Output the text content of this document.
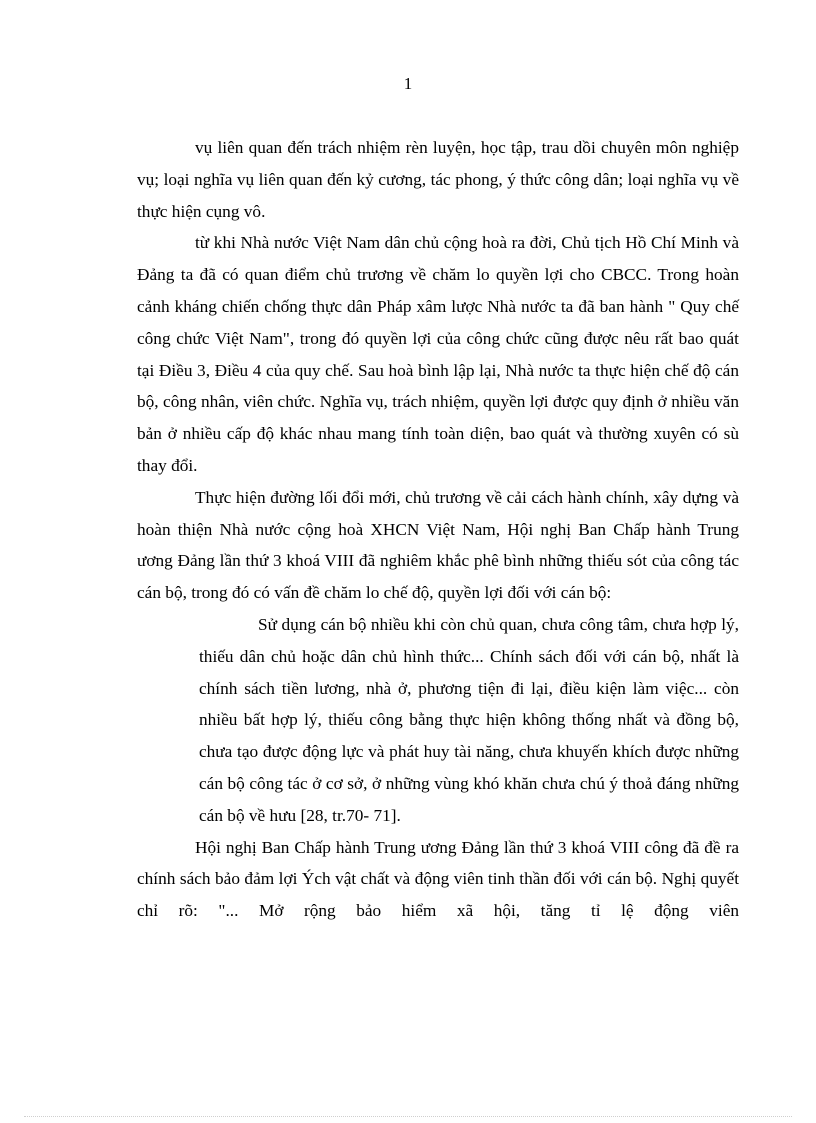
1

vụ liên quan đến trách nhiệm rèn luyện, học tập, trau dồi chuyên môn nghiệp vụ; loại nghĩa vụ liên quan đến kỷ cương, tác phong, ý thức công dân; loại nghĩa vụ về thực hiện cụng vô.

từ khi Nhà nước Việt Nam dân chủ cộng hoà ra đời, Chủ tịch Hồ Chí Minh và Đảng ta đã có quan điểm chủ trương về chăm lo quyền lợi cho CBCC. Trong hoàn cảnh kháng chiến chống thực dân Pháp xâm lược Nhà nước ta đã ban hành " Quy chế công chức Việt Nam", trong đó quyền lợi của công chức cũng được nêu rất bao quát tại Điều 3, Điều 4 của quy chế. Sau hoà bình lập lại, Nhà nước ta thực hiện chế độ cán bộ, công nhân, viên chức. Nghĩa vụ, trách nhiệm, quyền lợi được quy định ở nhiều văn bản ở nhiều cấp độ khác nhau mang tính toàn diện, bao quát và thường xuyên có sù thay đổi.

Thực hiện đường lối đổi mới, chủ trương về cải cách hành chính, xây dựng và hoàn thiện Nhà nước cộng hoà XHCN Việt Nam, Hội nghị Ban Chấp hành Trung ương Đảng lần thứ 3 khoá VIII đã nghiêm khắc phê bình những thiếu sót của công tác cán bộ, trong đó có vấn đề chăm lo chế độ, quyền lợi đối với cán bộ:

Sử dụng cán bộ nhiều khi còn chủ quan, chưa công tâm, chưa hợp lý, thiếu dân chủ hoặc dân chủ hình thức... Chính sách đối với cán bộ, nhất là chính sách tiền lương, nhà ở, phương tiện đi lại, điều kiện làm việc... còn nhiều bất hợp lý, thiếu công bằng thực hiện không thống nhất và đồng bộ, chưa tạo được động lực và phát huy tài năng, chưa khuyến khích được những cán bộ công tác ở cơ sở, ở những vùng khó khăn chưa chú ý thoả đáng những cán bộ về hưu [28, tr.70- 71].

Hội nghị Ban Chấp hành Trung ương Đảng lần thứ 3 khoá VIII công đã đề ra chính sách bảo đảm lợi Ých vật chất và động viên tinh thần đối với cán bộ. Nghị quyết chỉ rõ: "... Mở rộng bảo hiểm xã hội, tăng tỉ lệ động viên
